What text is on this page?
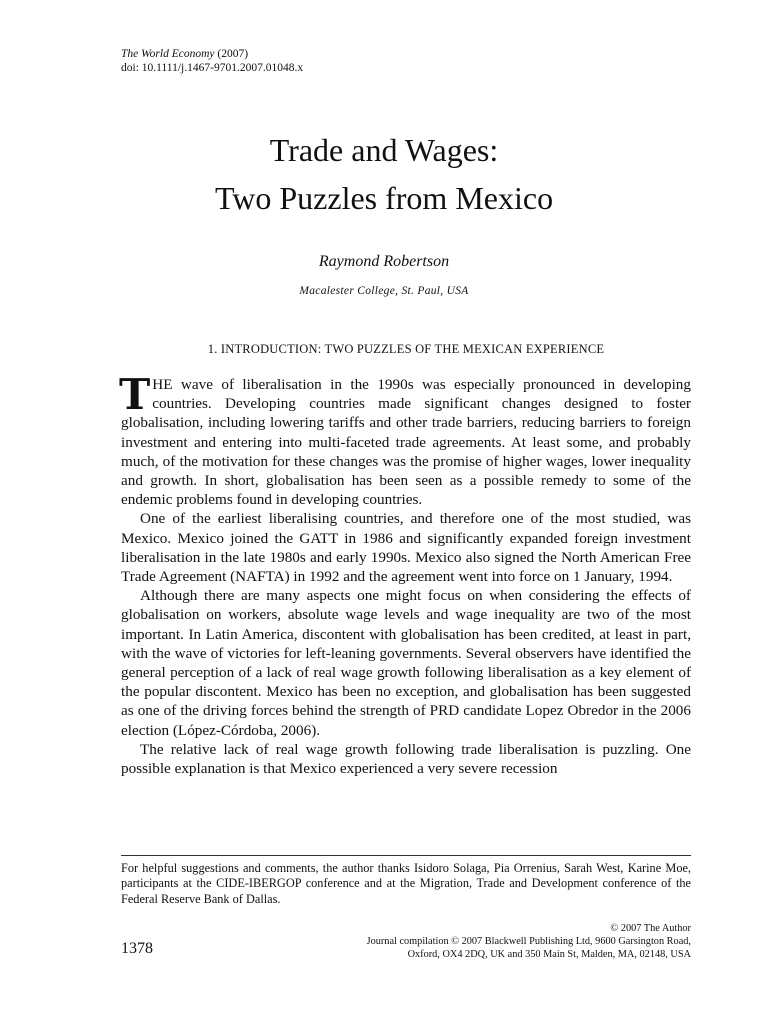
The World Economy (2007)
doi: 10.1111/j.1467-9701.2007.01048.x
Trade and Wages:
Two Puzzles from Mexico
Raymond Robertson
Macalester College, St. Paul, USA
1. INTRODUCTION: TWO PUZZLES OF THE MEXICAN EXPERIENCE

THE wave of liberalisation in the 1990s was especially pronounced in developing countries. Developing countries made significant changes designed to foster globalisation, including lowering tariffs and other trade barriers, reducing barriers to foreign investment and entering into multi-faceted trade agreements. At least some, and probably much, of the motivation for these changes was the promise of higher wages, lower inequality and growth. In short, globalisation has been seen as a possible remedy to some of the endemic problems found in developing countries.

One of the earliest liberalising countries, and therefore one of the most studied, was Mexico. Mexico joined the GATT in 1986 and significantly expanded foreign investment liberalisation in the late 1980s and early 1990s. Mexico also signed the North American Free Trade Agreement (NAFTA) in 1992 and the agreement went into force on 1 January, 1994.

Although there are many aspects one might focus on when considering the effects of globalisation on workers, absolute wage levels and wage inequality are two of the most important. In Latin America, discontent with globalisation has been credited, at least in part, with the wave of victories for left-leaning governments. Several observers have identified the general perception of a lack of real wage growth following liberalisation as a key element of the popular discontent. Mexico has been no exception, and globalisation has been suggested as one of the driving forces behind the strength of PRD candidate Lopez Obredor in the 2006 election (López-Córdoba, 2006).

The relative lack of real wage growth following trade liberalisation is puzzling. One possible explanation is that Mexico experienced a very severe recession

For helpful suggestions and comments, the author thanks Isidoro Solaga, Pia Orrenius, Sarah West, Karine Moe, participants at the CIDE-IBERGOP conference and at the Migration, Trade and Development conference of the Federal Reserve Bank of Dallas.
1378
© 2007 The Author
Journal compilation © 2007 Blackwell Publishing Ltd, 9600 Garsington Road,
Oxford, OX4 2DQ, UK and 350 Main St, Malden, MA, 02148, USA
